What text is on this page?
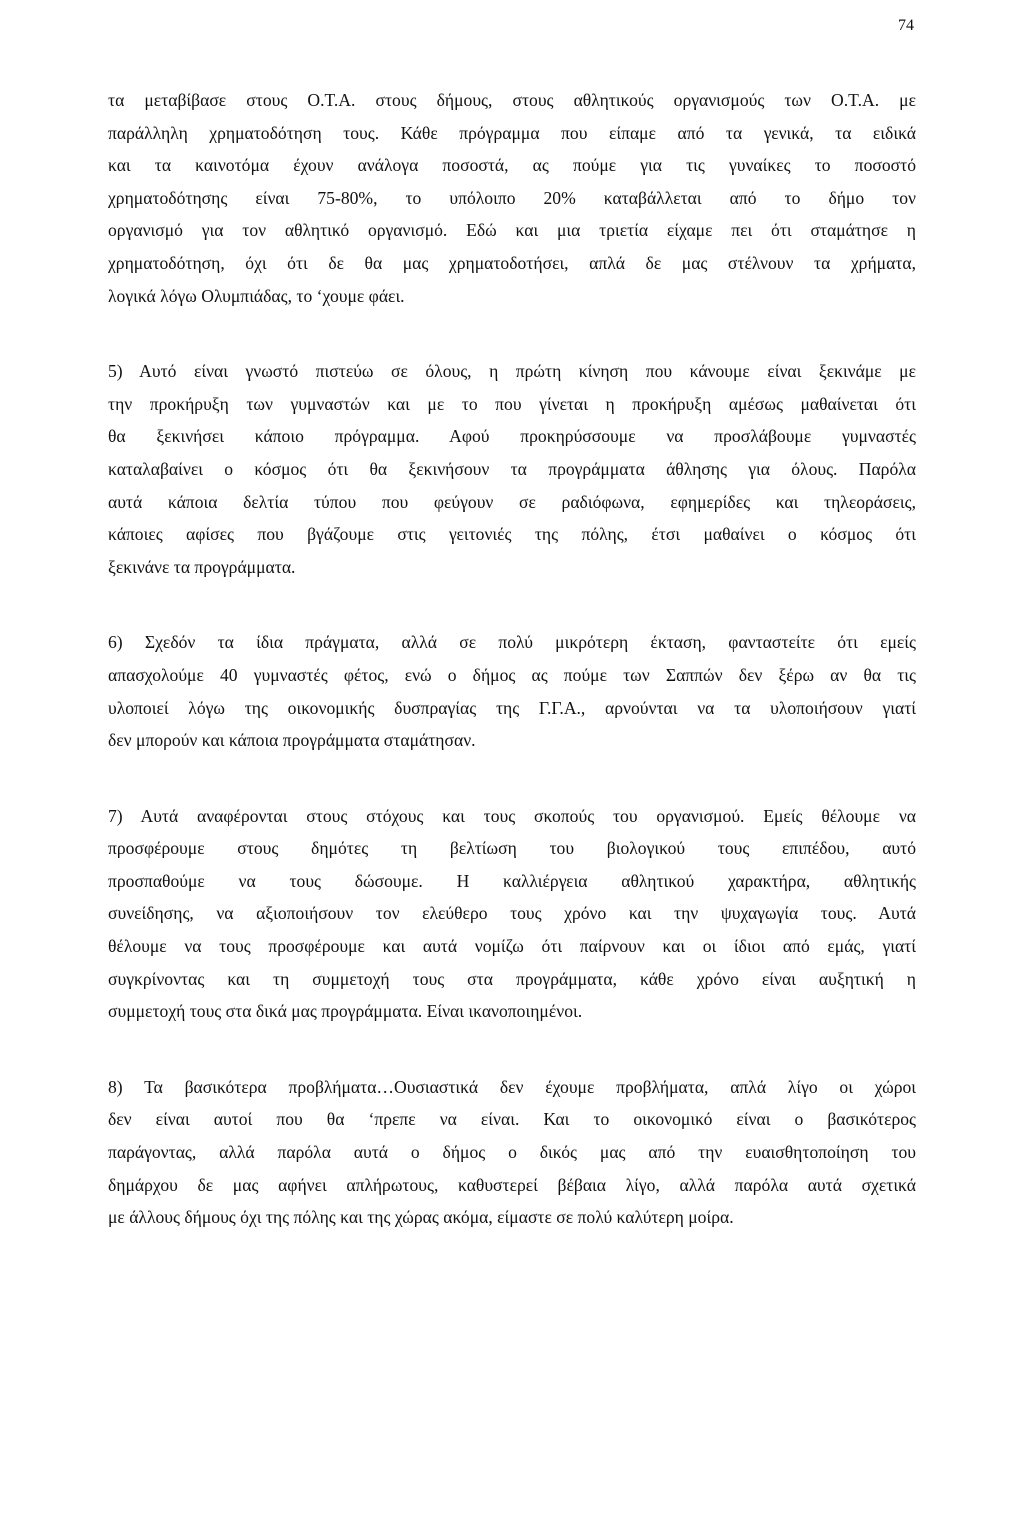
74
τα μεταβίβασε στους Ο.Τ.Α. στους δήμους, στους αθλητικούς οργανισμούς των Ο.Τ.Α. με
παράλληλη χρηματοδότηση τους. Κάθε πρόγραμμα που είπαμε από τα γενικά, τα ειδικά
και τα καινοτόμα έχουν ανάλογα ποσοστά, ας πούμε για τις γυναίκες το ποσοστό
χρηματοδότησης είναι 75-80%, το υπόλοιπο 20% καταβάλλεται από το δήμο τον
οργανισμό για τον αθλητικό οργανισμό. Εδώ και μια τριετία είχαμε πει ότι σταμάτησε η
χρηματοδότηση, όχι ότι δε θα μας χρηματοδοτήσει, απλά δε μας στέλνουν τα χρήματα,
λογικά λόγω Ολυμπιάδας, το ‘χουμε φάει.
5) Αυτό είναι γνωστό πιστεύω σε όλους, η πρώτη κίνηση που κάνουμε είναι ξεκινάμε με
την προκήρυξη των γυμναστών και με το που γίνεται η προκήρυξη αμέσως μαθαίνεται ότι
θα ξεκινήσει κάποιο πρόγραμμα. Αφού προκηρύσσουμε να προσλάβουμε γυμναστές
καταλαβαίνει ο κόσμος ότι θα ξεκινήσουν τα προγράμματα άθλησης για όλους. Παρόλα
αυτά κάποια δελτία τύπου που φεύγουν σε ραδιόφωνα, εφημερίδες και τηλεοράσεις,
κάποιες αφίσες που βγάζουμε στις γειτονιές της πόλης, έτσι μαθαίνει ο κόσμος ότι
ξεκινάνε τα προγράμματα.
6) Σχεδόν τα ίδια πράγματα, αλλά σε πολύ μικρότερη έκταση, φανταστείτε ότι εμείς
απασχολούμε 40 γυμναστές φέτος, ενώ ο δήμος ας πούμε των Σαππών δεν ξέρω αν θα τις
υλοποιεί λόγω της οικονομικής δυσπραγίας της Γ.Γ.Α., αρνούνται να τα υλοποιήσουν γιατί
δεν μπορούν και κάποια προγράμματα σταμάτησαν.
7) Αυτά αναφέρονται στους στόχους και τους σκοπούς του οργανισμού. Εμείς θέλουμε να
προσφέρουμε στους δημότες τη βελτίωση του βιολογικού τους επιπέδου, αυτό
προσπαθούμε να τους δώσουμε. Η καλλιέργεια αθλητικού χαρακτήρα, αθλητικής
συνείδησης, να αξιοποιήσουν τον ελεύθερο τους χρόνο και την ψυχαγωγία τους. Αυτά
θέλουμε να τους προσφέρουμε και αυτά νομίζω ότι παίρνουν και οι ίδιοι από εμάς, γιατί
συγκρίνοντας και τη συμμετοχή τους στα προγράμματα, κάθε χρόνο είναι αυξητική η
συμμετοχή τους στα δικά μας προγράμματα. Είναι ικανοποιημένοι.
8) Τα βασικότερα προβλήματα…Ουσιαστικά δεν έχουμε προβλήματα, απλά λίγο οι χώροι
δεν είναι αυτοί που θα ‘πρεπε να είναι. Και το οικονομικό είναι ο βασικότερος
παράγοντας, αλλά παρόλα αυτά ο δήμος ο δικός μας από την ευαισθητοποίηση του
δημάρχου δε μας αφήνει απλήρωτους, καθυστερεί βέβαια λίγο, αλλά παρόλα αυτά σχετικά
με άλλους δήμους όχι της πόλης και της χώρας ακόμα, είμαστε σε πολύ καλύτερη μοίρα.
